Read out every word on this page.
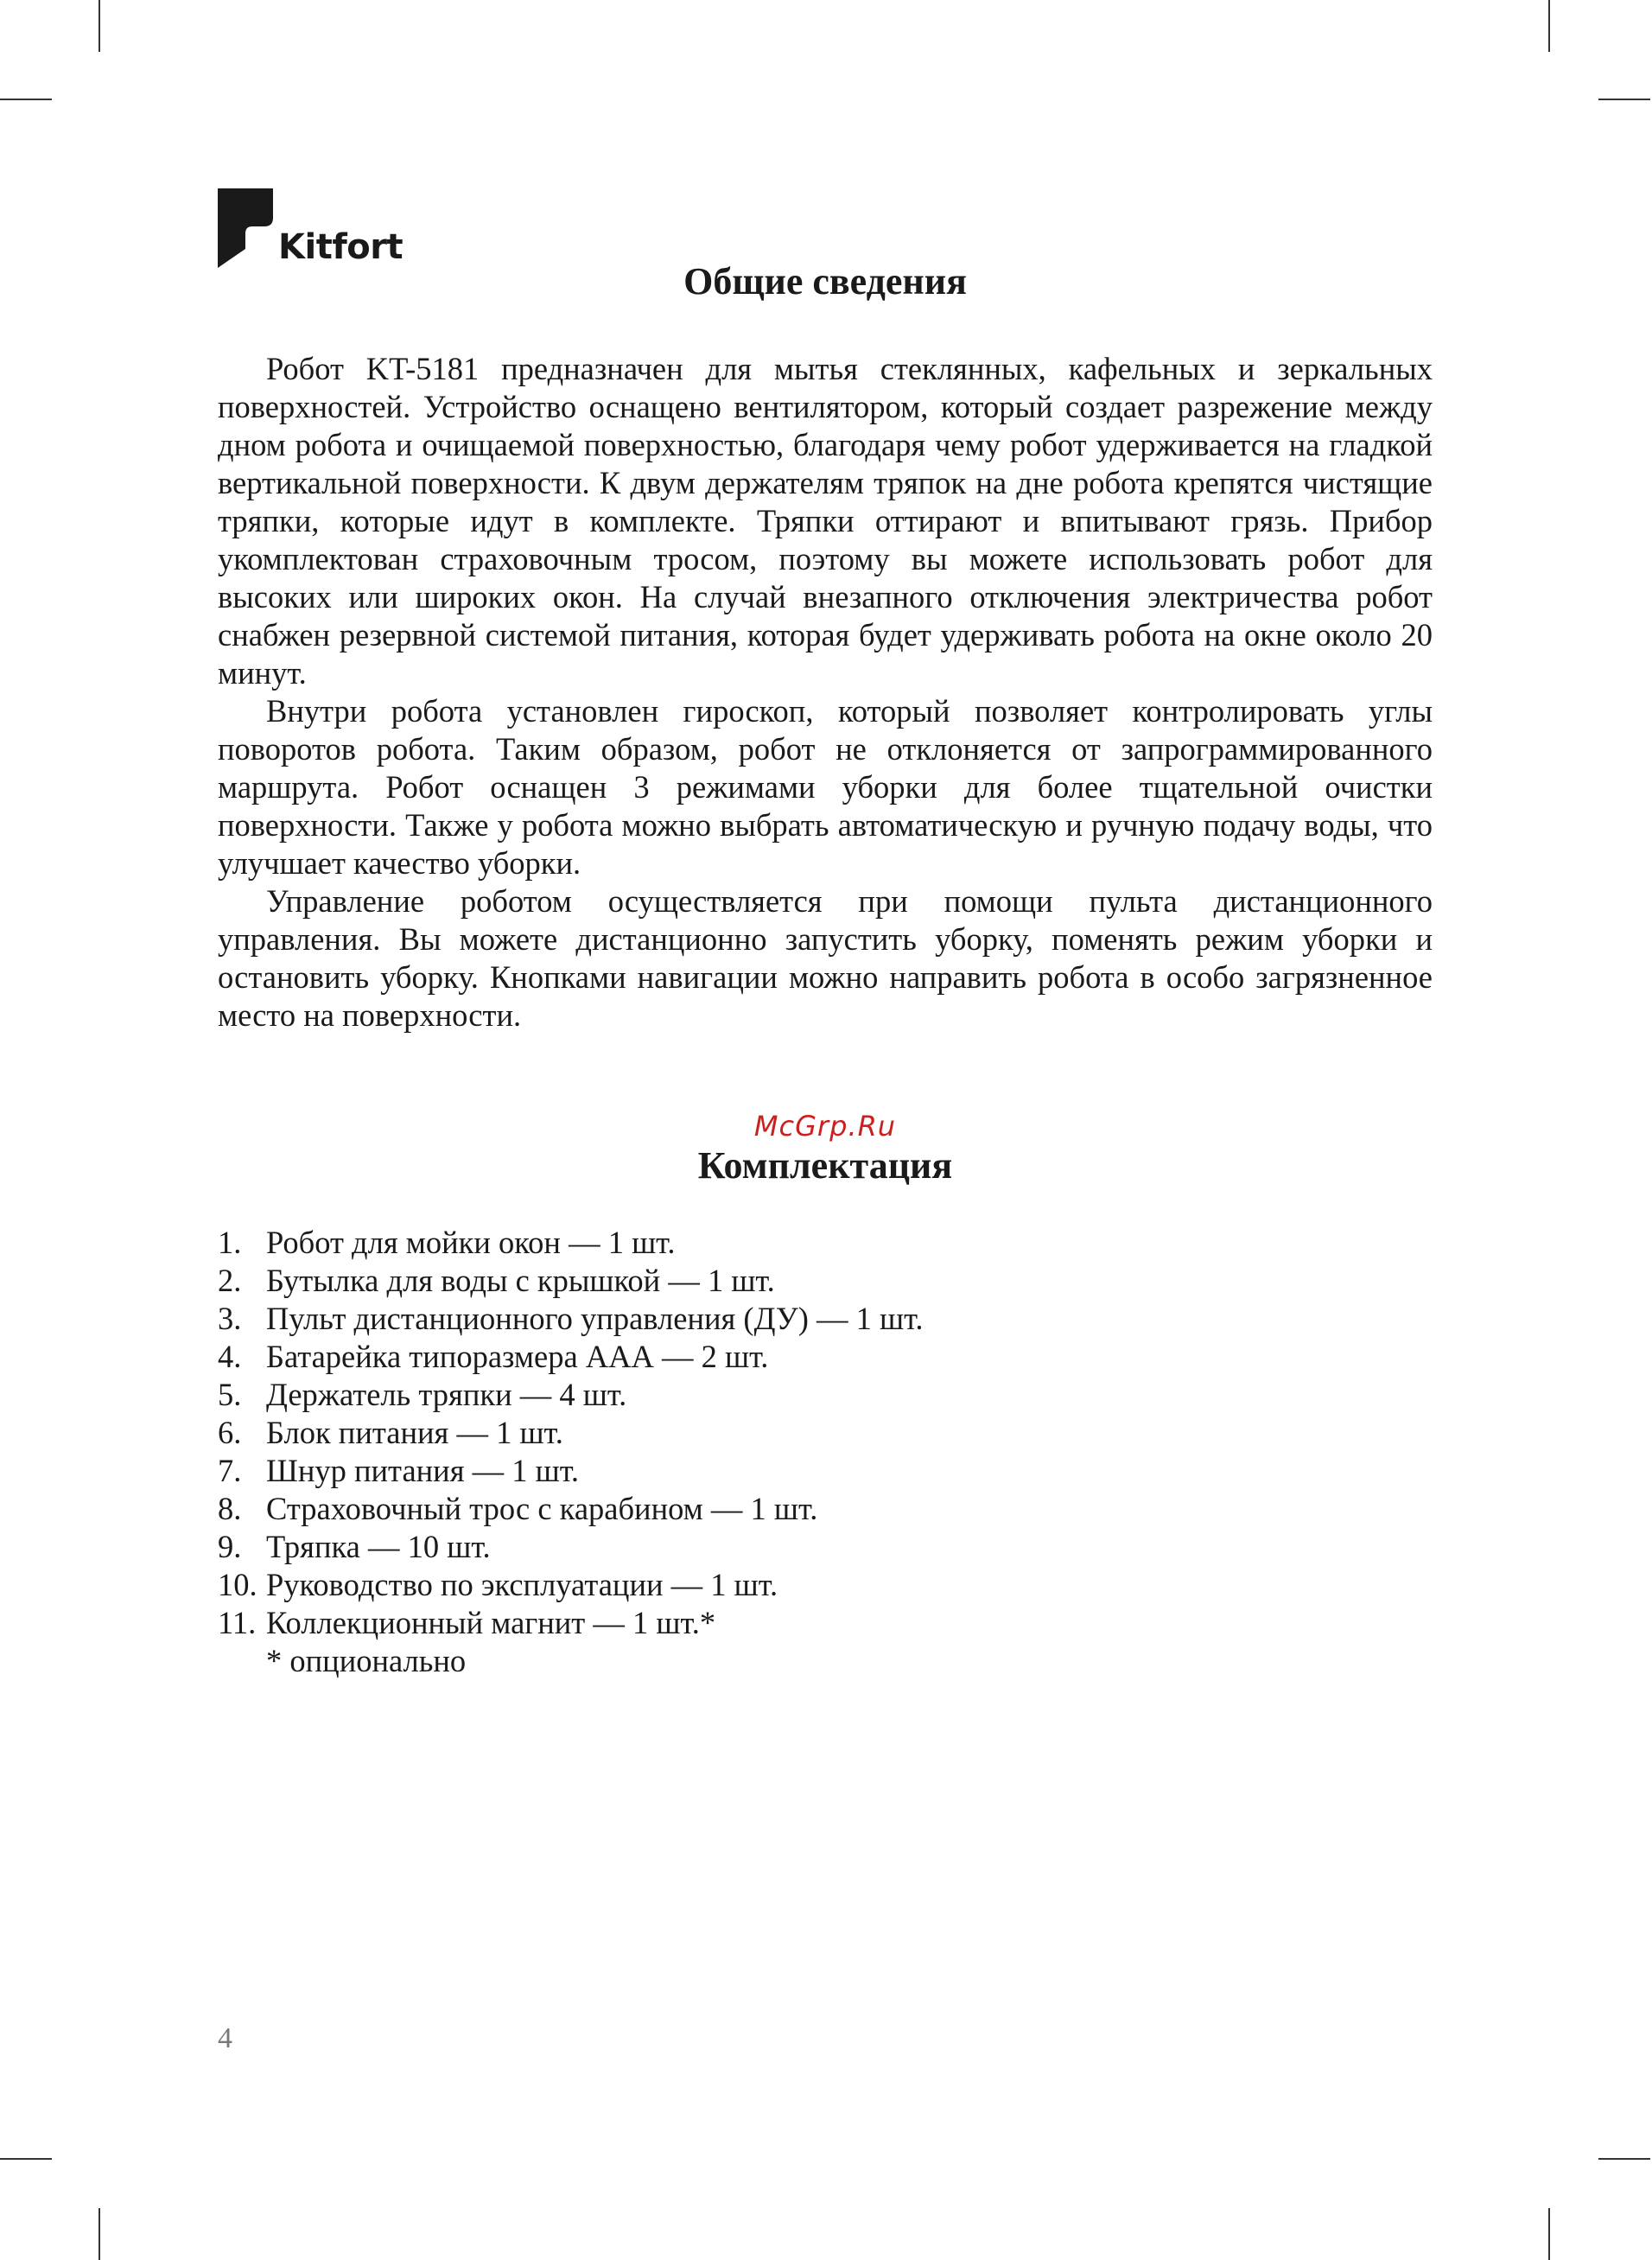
Kitfort
Общие сведения

Робот KT-5181 предназначен для мытья стеклянных, кафельных и зеркальных поверхностей. Устройство оснащено вентилятором, который создает разрежение между дном робота и очищаемой поверхностью, благодаря чему робот удерживается на гладкой вертикальной поверхности. К двум держателям тряпок на дне робота крепятся чистящие тряпки, которые идут в комплекте. Тряпки оттирают и впитывают грязь. Прибор укомплектован страховочным тросом, поэтому вы можете использовать робот для высоких или широких окон. На случай внезапного отключения электричества робот снабжен резервной системой питания, которая будет удерживать робота на окне около 20 минут.

Внутри робота установлен гироскоп, который позволяет контролировать углы поворотов робота. Таким образом, робот не отклоняется от запрограммированного маршрута. Робот оснащен 3 режимами уборки для более тщательной очистки поверхности. Также у робота можно выбрать автоматическую и ручную подачу воды, что улучшает качество уборки.

Управление роботом осуществляется при помощи пульта дистанционного управления. Вы можете дистанционно запустить уборку, поменять режим уборки и остановить уборку. Кнопками навигации можно направить робота в особо загрязненное место на поверхности.

McGrp.Ru
Комплектация
1. Робот для мойки окон — 1 шт.
2. Бутылка для воды с крышкой — 1 шт.
3. Пульт дистанционного управления (ДУ) — 1 шт.
4. Батарейка типоразмера ААА — 2 шт.
5. Держатель тряпки — 4 шт.
6. Блок питания — 1 шт.
7. Шнур питания — 1 шт.
8. Страховочный трос с карабином — 1 шт.
9. Тряпка — 10 шт.
10. Руководство по эксплуатации — 1 шт.
11. Коллекционный магнит — 1 шт.*
* опционально
4
